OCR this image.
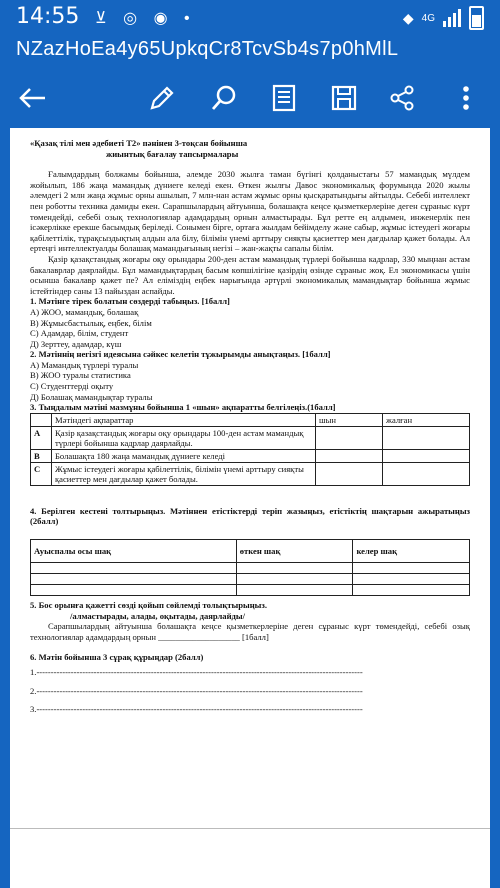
14:55 ⊻ ◎ ◉ •	◆ 4G
NZazHoEa4y65UpkqCr8TcvSb4s7p0hMlL

«Қазақ тілі мен әдебиеті Т2» пәнінен 3-тоқсан бойынша

жиынтық бағалау тапсырмалары

Ғалымдардың болжамы бойынша, әлемде 2030 жылға таман бүгінгі қолданыстағы 57 мамандық мүлдем жойылып, 186 жаңа мамандық дүниеге келеді екен. Өткен жылғы Давос экономикалық форумында 2020 жылы әлемдегі 2 млн жаңа жұмыс орны ашылып, 7 млн-нан астам жұмыс орны қысқаратындығы айтылды. Себебі интеллект пен роботты техника дамиды екен. Сарапшылардың айтуынша, болашақта кеңсе қызметкерлеріне деген сұраныс күрт төмендейді, себебі озық технологиялар адамдардың орнын алмастырады. Бұл ретте ең алдымен, инженерлік пен ісәкерлікке ерекше басымдық беріледі. Сонымен бірге, ортаға жылдам бейімделу және сабыр, жұмыс істеудегі жоғары қабілеттілік, тұрақсыздықтың алдын ала білу, білімін үнемі арттыру сияқты қасиеттер мен дағдылар қажет болады. Ал ертеңгі интеллектуалды болашақ мамандығының негізі – жан-жақты сапалы білім.

Қазір қазақстандық жоғары оқу орындары 200-ден астам мамандық түрлері бойынша кадрлар, 330 мыңнан астам бакалаврлар даярлайды. Бұл мамандықтардың басым көпшілігіне қазірдің өзінде сұраныс жоқ. Ел экономикасы үшін осынша бакалавр қажет пе? Ал еліміздің еңбек нарығында әртүрлі экономикалық мамандықтар бойынша жұмыс істейтіндер саны 13 пайыздан аспайды.

1. Мәтінге тірек болатын сөздерді табыңыз. [1балл]

А) ЖОО, мамандық, болашақ

В) Жұмысбастылық, еңбек, білім

С) Адамдар, білім, студент

Д) Зерттеу, адамдар, күш

2. Мәтіннің негізгі идеясына сәйкес келетін тұжырымды анықтаңыз. [1балл]

А) Мамандық түрлері туралы

В) ЖОО туралы статистика

С) Студенттерді оқыту

Д) Болашақ мамандықтар туралы

3. Тыңдалым мәтіні мазмұны бойынша 1 «шын» ақпаратты белгілеңіз.(1балл]

	Мәтіндегі ақпараттар	шын	жалған
А	Қазір қазақстандық жоғары оқу орындары 100-ден астам мамандық түрлері бойынша кадрлар даярлайды.		
В	Болашақта 180 жаңа мамандық дүниеге келеді		
С	Жұмыс істеудегі жоғары қабілеттілік, білімін үнемі арттыру сияқты қасиеттер мен дағдылар қажет болады.		

4. Берілген кестені толтырыңыз. Мәтіннен етістіктерді теріп жазыңыз, етістіктің шақтарын ажыратыңыз (2балл)

Ауыспалы осы шақ	өткен шақ	келер шақ

5. Бос орынға қажетті сөзді қойып сөйлемді толықтырыңыз.

/алмастырады, алады, оқытады, даярлайды/

Сарапшылардың айтуынша болашақта кеңсе қызметкерлеріне деген сұраныс күрт төмендейді, себебі озық технологиялар адамдардың орнын ___________________ [1балл]

6. Мәтін бойынша 3 сұрақ құрыңдар (2балл)

1.------------------------------------------------------------------------------------------------------------------

2.------------------------------------------------------------------------------------------------------------------

3.------------------------------------------------------------------------------------------------------------------
